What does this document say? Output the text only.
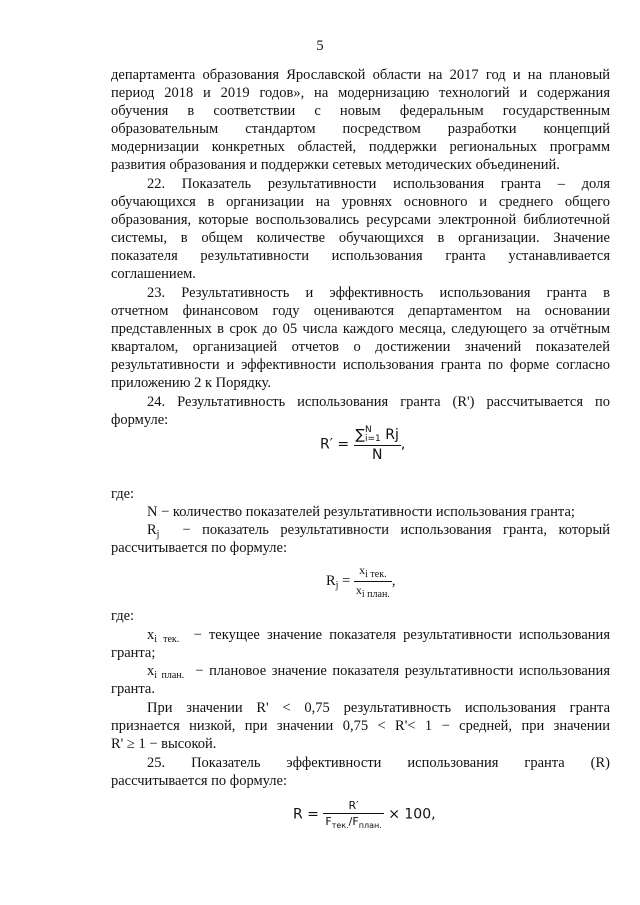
5
департамента образования Ярославской области на 2017 год и на плановый
период 2018 и 2019 годов», на модернизацию технологий и содержания
обучения в соответствии с новым федеральным государственным
образовательным стандартом посредством разработки концепций
модернизации конкретных областей, поддержки региональных программ
развития образования и поддержки сетевых методических объединений.
22. Показатель результативности использования гранта – доля
обучающихся в организации на уровнях основного и среднего общего
образования, которые воспользовались ресурсами электронной библиотечной
системы, в общем количестве обучающихся в организации. Значение
показателя результативности использования гранта устанавливается
соглашением.
23. Результативность и эффективность использования гранта в
отчетном финансовом году оцениваются департаментом на основании
представленных в срок до 05 числа каждого месяца, следующего за отчётным
кварталом, организацией отчетов о достижении значений показателей
результативности и эффективности использования гранта по форме согласно
приложению 2 к Порядку.
24. Результативность использования гранта (R') рассчитывается по
формуле:
R′ = ∑ N
i=1 Rj
N ,
где:
N − количество показателей результативности использования гранта;
$R_j$ − показатель результативности использования гранта, который
рассчитывается по формуле:
$R_j = \frac{x_{i тек.}}{x_{i план.}}$ ,
где:
$x_{i тек.}$ − текущее значение показателя результативности использования
гранта;
$x_{i план.}$ − плановое значение показателя результативности использования
гранта.
При значении R' < 0,75 результативность использования гранта
признается низкой, при значении 0,75 < R'< 1 − средней, при значении
R' ≥ 1 − высокой.
25. Показатель эффективности использования гранта (R)
рассчитывается по формуле:
$R = \frac{R'}{F_{тек.}/F_{план.}} \times 100$,
